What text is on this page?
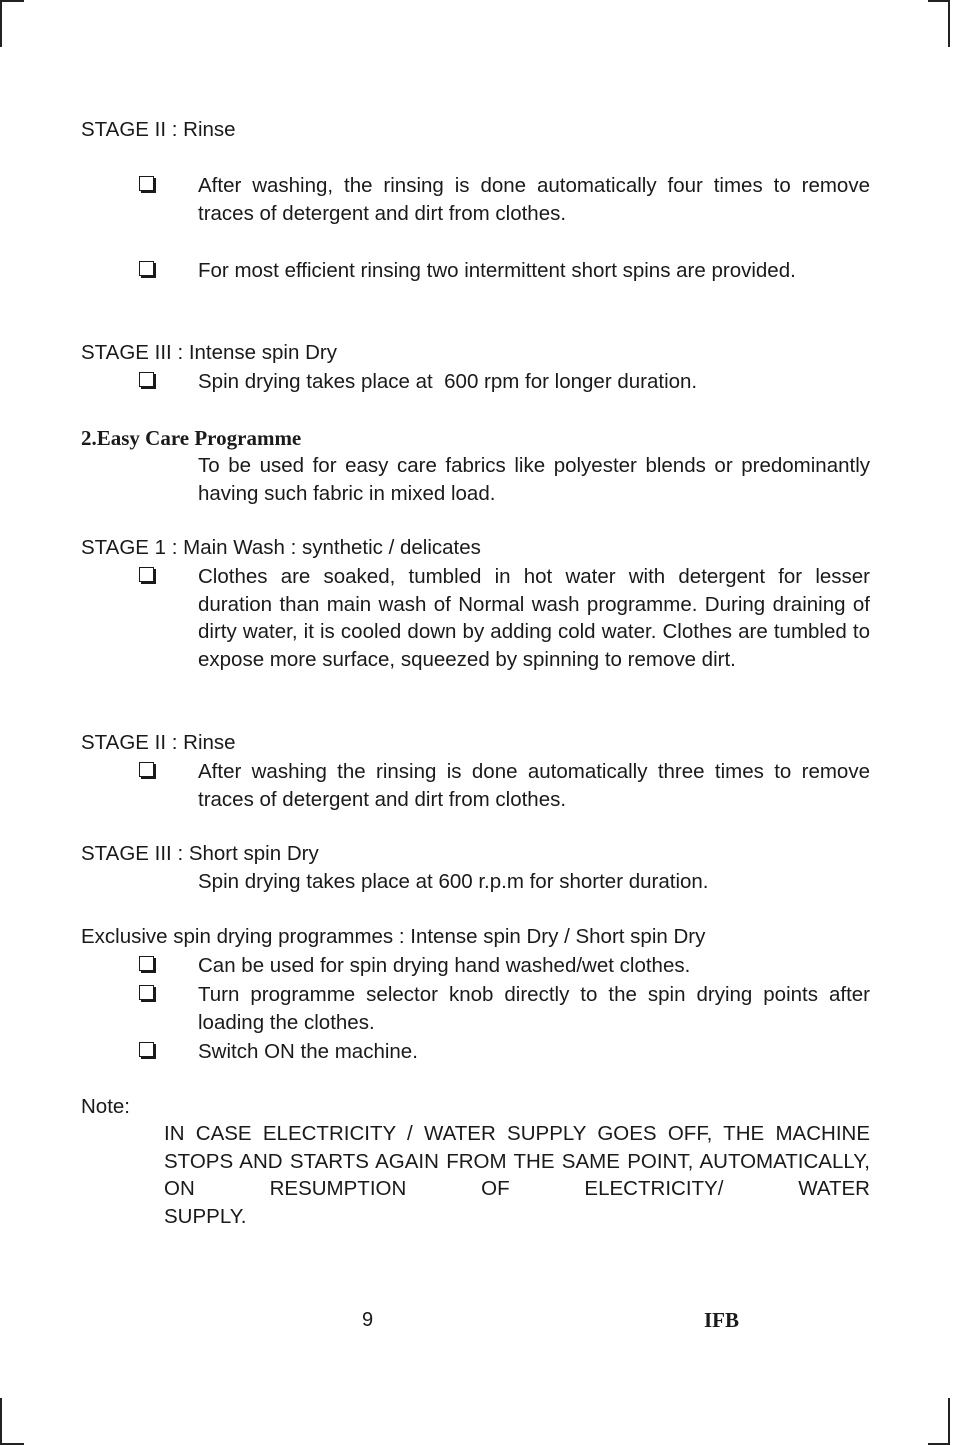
STAGE II : Rinse
After washing, the rinsing is done automatically four times to remove traces of detergent and dirt from clothes.
For most efficient rinsing two intermittent short spins are provided.
STAGE III : Intense spin Dry
Spin drying takes place at  600 rpm for longer duration.
2.Easy Care Programme
To be used for easy care fabrics like polyester blends or predominantly having such fabric in mixed load.
STAGE 1 : Main Wash : synthetic / delicates
Clothes are soaked, tumbled in hot water with detergent for lesser duration than main wash of Normal wash programme. During draining of dirty water, it is cooled down by adding cold water. Clothes are tumbled to expose more surface, squeezed by spinning to remove dirt.
STAGE II : Rinse
After washing the rinsing is done automatically three times to remove traces of detergent and dirt from clothes.
STAGE III : Short spin Dry
Spin drying takes place at 600 r.p.m for shorter duration.
Exclusive spin drying programmes : Intense spin Dry / Short spin Dry
Can be used for spin drying hand washed/wet clothes.
Turn programme selector knob directly to the spin drying points after loading the clothes.
Switch ON the machine.
Note:
IN CASE ELECTRICITY / WATER SUPPLY GOES OFF, THE MACHINE STOPS AND STARTS AGAIN FROM THE SAME POINT, AUTOMATICALLY, ON RESUMPTION OF ELECTRICITY/ WATER
SUPPLY.
9	IFB
